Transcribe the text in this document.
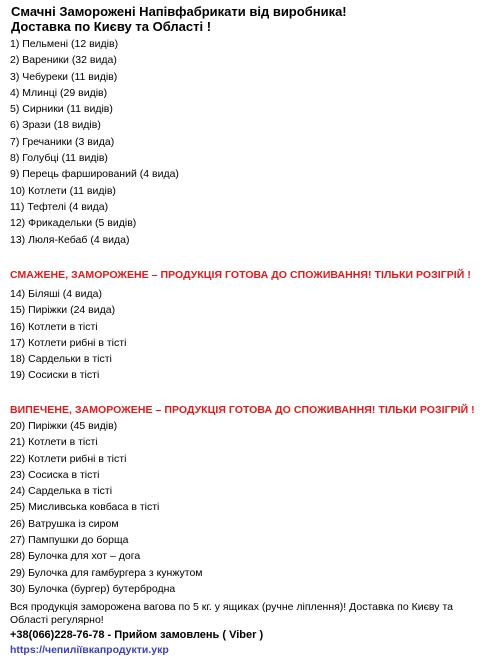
Смачні Заморожені Напівфабрикати від виробника!
Доставка по Києву та Області !
1) Пельмені (12 видів)
2) Вареники (32 вида)
3) Чебуреки (11 видів)
4) Млинці (29 видів)
5) Сирники (11 видів)
6) Зрази (18 видів)
7) Гречаники (3 вида)
8) Голубці (11 видів)
9) Перець фарширований (4 вида)
10) Котлети (11 видів)
11) Тефтелі (4 вида)
12) Фрикадельки (5 видів)
13) Люля-Кебаб (4 вида)
СМАЖЕНЕ, ЗАМОРОЖЕНЕ – ПРОДУКЦІЯ ГОТОВА ДО СПОЖИВАННЯ! ТІЛЬКИ РОЗІГРІЙ !
14) Біляші (4 вида)
15) Пиріжки (24 вида)
16) Котлети в тісті
17) Котлети рибні в тісті
18) Сардельки в тісті
19) Сосиски в тісті
ВИПЕЧЕНЕ, ЗАМОРОЖЕНЕ – ПРОДУКЦІЯ ГОТОВА ДО СПОЖИВАННЯ! ТІЛЬКИ РОЗІГРІЙ !
20) Пиріжки (45 видів)
21) Котлети в тісті
22) Котлети рибні в тісті
23) Сосиска в тісті
24) Сарделька в тісті
25) Мисливська ковбаса в тісті
26) Ватрушка із сиром
27) Пампушки до борща
28) Булочка для хот – дога
29) Булочка для гамбургера з кунжутом
30) Булочка (бургер) бутерброднa
Вся продукція заморожена вагова по 5 кг. у ящиках (ручне ліплення)! Доставка по Києву та Області регулярно!
+38(066)228-76-78 - Прийом замовлень ( Viber )
https://чепиліївкапродукти.укр
